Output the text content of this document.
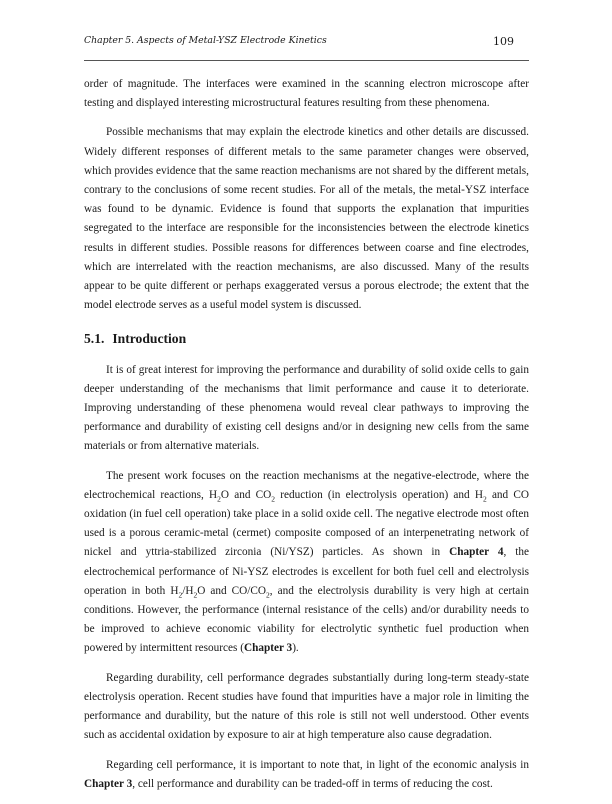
Chapter 5. Aspects of Metal-YSZ Electrode Kinetics	109

order of magnitude. The interfaces were examined in the scanning electron microscope after testing and displayed interesting microstructural features resulting from these phenomena.

Possible mechanisms that may explain the electrode kinetics and other details are discussed. Widely different responses of different metals to the same parameter changes were observed, which provides evidence that the same reaction mechanisms are not shared by the different metals, contrary to the conclusions of some recent studies. For all of the metals, the metal-YSZ interface was found to be dynamic. Evidence is found that supports the explanation that impurities segregated to the interface are responsible for the inconsistencies between the electrode kinetics results in different studies. Possible reasons for differences between coarse and fine electrodes, which are interrelated with the reaction mechanisms, are also discussed. Many of the results appear to be quite different or perhaps exaggerated versus a porous electrode; the extent that the model electrode serves as a useful model system is discussed.

5.1. Introduction

It is of great interest for improving the performance and durability of solid oxide cells to gain deeper understanding of the mechanisms that limit performance and cause it to deteriorate. Improving understanding of these phenomena would reveal clear pathways to improving the performance and durability of existing cell designs and/or in designing new cells from the same materials or from alternative materials.

The present work focuses on the reaction mechanisms at the negative-electrode, where the electrochemical reactions, $H_2O$ and $CO_2$ reduction (in electrolysis operation) and $H_2$ and CO oxidation (in fuel cell operation) take place in a solid oxide cell. The negative electrode most often used is a porous ceramic-metal (cermet) composite composed of an interpenetrating network of nickel and yttria-stabilized zirconia (Ni/YSZ) particles. As shown in Chapter 4, the electrochemical performance of Ni-YSZ electrodes is excellent for both fuel cell and electrolysis operation in both $H_2/H_2O$ and $CO/CO_2$, and the electrolysis durability is very high at certain conditions. However, the performance (internal resistance of the cells) and/or durability needs to be improved to achieve economic viability for electrolytic synthetic fuel production when powered by intermittent resources (Chapter 3).

Regarding durability, cell performance degrades substantially during long-term steady-state electrolysis operation. Recent studies have found that impurities have a major role in limiting the performance and durability, but the nature of this role is still not well understood. Other events such as accidental oxidation by exposure to air at high temperature also cause degradation.

Regarding cell performance, it is important to note that, in light of the economic analysis in Chapter 3, cell performance and durability can be traded-off in terms of reducing the cost.
